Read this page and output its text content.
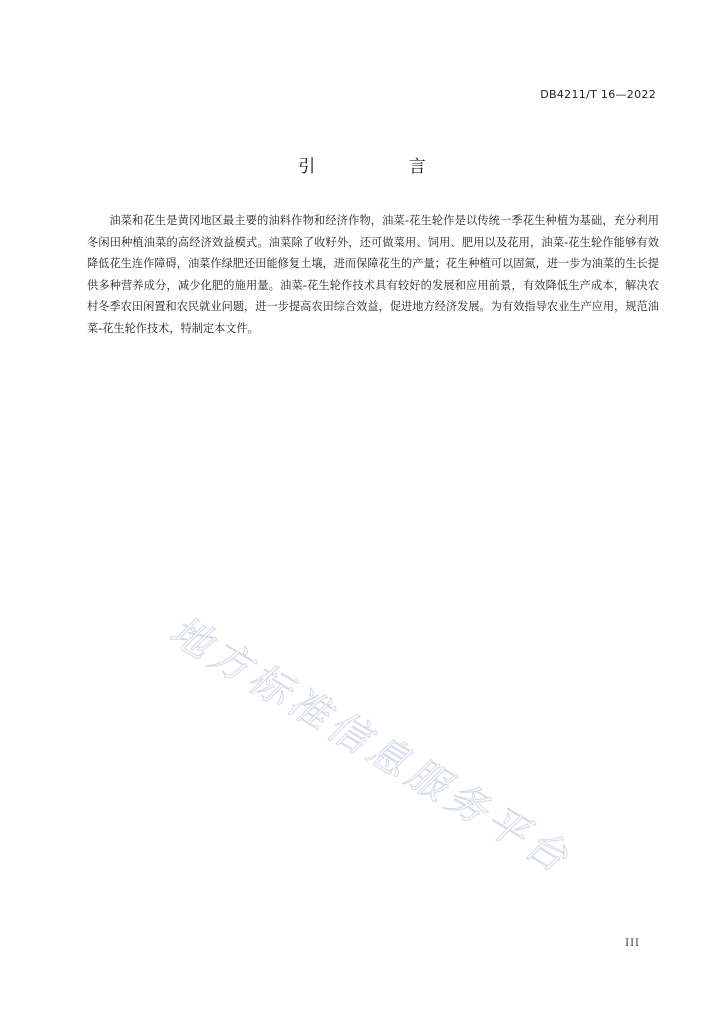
DB4211/T 16—2022
引 言

油菜和花生是黄冈地区最主要的油料作物和经济作物，油菜-花生轮作是以传统一季花生种植为基础，充分利用冬闲田种植油菜的高经济效益模式。油菜除了收籽外，还可做菜用、饲用、肥用以及花用，油菜-花生轮作能够有效降低花生连作障碍，油菜作绿肥还田能修复土壤，进而保障花生的产量；花生种植可以固氮，进一步为油菜的生长提供多种营养成分，减少化肥的施用量。油菜-花生轮作技术具有较好的发展和应用前景，有效降低生产成本，解决农村冬季农田闲置和农民就业问题，进一步提高农田综合效益，促进地方经济发展。为有效指导农业生产应用，规范油菜-花生轮作技术，特制定本文件。

地方标准信息服务平台
III
